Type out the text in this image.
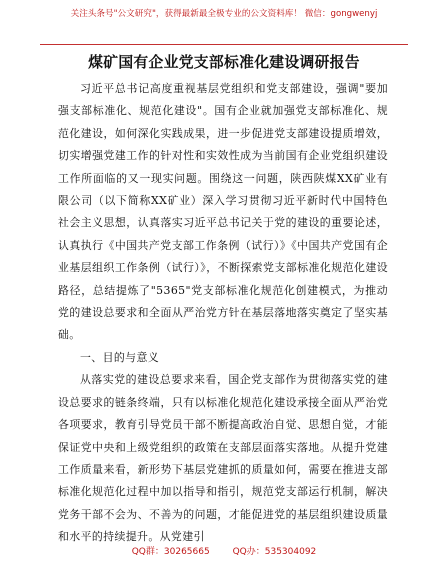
关注头条号"公文研究"，获得最新最全极专业的公文资料库！ 微信：gongwenyj
煤矿国有企业党支部标准化建设调研报告

习近平总书记高度重视基层党组织和党支部建设，强调"要加强支部标准化、规范化建设"。国有企业就加强党支部标准化、规范化建设，如何深化实践成果，进一步促进党支部建设提质增效，切实增强党建工作的针对性和实效性成为当前国有企业党组织建设工作所面临的又一现实问题。围绕这一问题，陕西陕煤XX矿业有限公司（以下简称XX矿业）深入学习贯彻习近平新时代中国特色社会主义思想，认真落实习近平总书记关于党的建设的重要论述，认真执行《中国共产党支部工作条例（试行）》《中国共产党国有企业基层组织工作条例（试行）》，不断探索党支部标准化规范化建设路径，总结提炼了"5365"党支部标准化规范化创建模式，为推动党的建设总要求和全面从严治党方针在基层落地落实奠定了坚实基础。

一、目的与意义

从落实党的建设总要求来看，国企党支部作为贯彻落实党的建设总要求的链条终端，只有以标准化规范化建设承接全面从严治党各项要求，教育引导党员干部不断提高政治自觉、思想自觉，才能保证党中央和上级党组织的政策在支部层面落实落地。从提升党建工作质量来看，新形势下基层党建抓的质量如何，需要在推进支部标准化规范化过程中加以指导和指引，规范党支部运行机制，解决党务干部不会为、不善为的问题，才能促进党的基层组织建设质量和水平的持续提升。从党建引

QQ群：30265665	QQ办：535304092
